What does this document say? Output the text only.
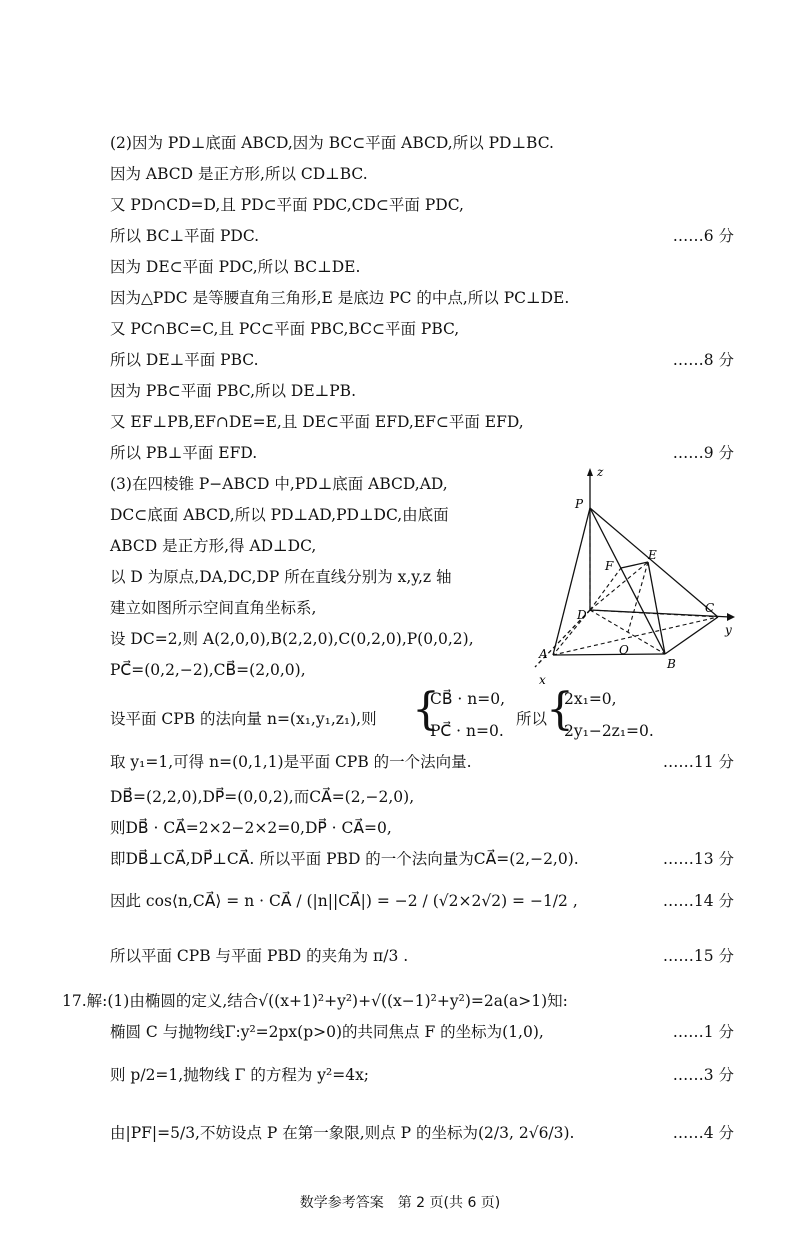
(2)因为 PD⊥底面 ABCD,因为 BC⊂平面 ABCD,所以 PD⊥BC.
因为 ABCD 是正方形,所以 CD⊥BC.
又 PD∩CD=D,且 PD⊂平面 PDC,CD⊂平面 PDC,
所以 BC⊥平面 PDC.	……6 分
因为 DE⊂平面 PDC,所以 BC⊥DE.
因为△PDC 是等腰直角三角形,E 是底边 PC 的中点,所以 PC⊥DE.
又 PC∩BC=C,且 PC⊂平面 PBC,BC⊂平面 PBC,
所以 DE⊥平面 PBC.	……8 分
因为 PB⊂平面 PBC,所以 DE⊥PB.
又 EF⊥PB,EF∩DE=E,且 DE⊂平面 EFD,EF⊂平面 EFD,
所以 PB⊥平面 EFD.	……9 分
(3)在四棱锥 P−ABCD 中,PD⊥底面 ABCD,AD,
DC⊂底面 ABCD,所以 PD⊥AD,PD⊥DC,由底面
ABCD 是正方形,得 AD⊥DC,
以 D 为原点,DA,DC,DP 所在直线分别为 x,y,z 轴
建立如图所示空间直角坐标系,
设 DC=2,则 A(2,0,0),B(2,2,0),C(0,2,0),P(0,0,2),
PC⃗=(0,2,−2),CB⃗=(2,0,0),
z
P
E
F
D	C
y
O
A
B
x
设平面 CPB 的法向量 n=(x₁,y₁,z₁),则 {
CB⃗ · n=0,
PC⃗ · n=0.
所以
{
2x₁=0,
2y₁−2z₁=0.
取 y₁=1,可得 n=(0,1,1)是平面 CPB 的一个法向量.	……11 分
DB⃗=(2,2,0),DP⃗=(0,0,2),而CA⃗=(2,−2,0),
则DB⃗ · CA⃗=2×2−2×2=0,DP⃗ · CA⃗=0,
即DB⃗⊥CA⃗,DP⃗⊥CA⃗. 所以平面 PBD 的一个法向量为CA⃗=(2,−2,0).	……13 分
因此 cos⟨n,CA⃗⟩ = n · CA⃗ / (|n||CA⃗|) = −2 / (√2×2√2) = −1/2 ,	……14 分
所以平面 CPB 与平面 PBD 的夹角为 π/3 .	……15 分
17.解:(1)由椭圆的定义,结合√((x+1)²+y²)+√((x−1)²+y²)=2a(a>1)知:
椭圆 C 与抛物线Γ:y²=2px(p>0)的共同焦点 F 的坐标为(1,0),	……1 分
则 p/2=1,抛物线 Γ 的方程为 y²=4x;	……3 分
由|PF|=5/3,不妨设点 P 在第一象限,则点 P 的坐标为(2/3, 2√6/3).	……4 分
数学参考答案　第 2 页(共 6 页)
